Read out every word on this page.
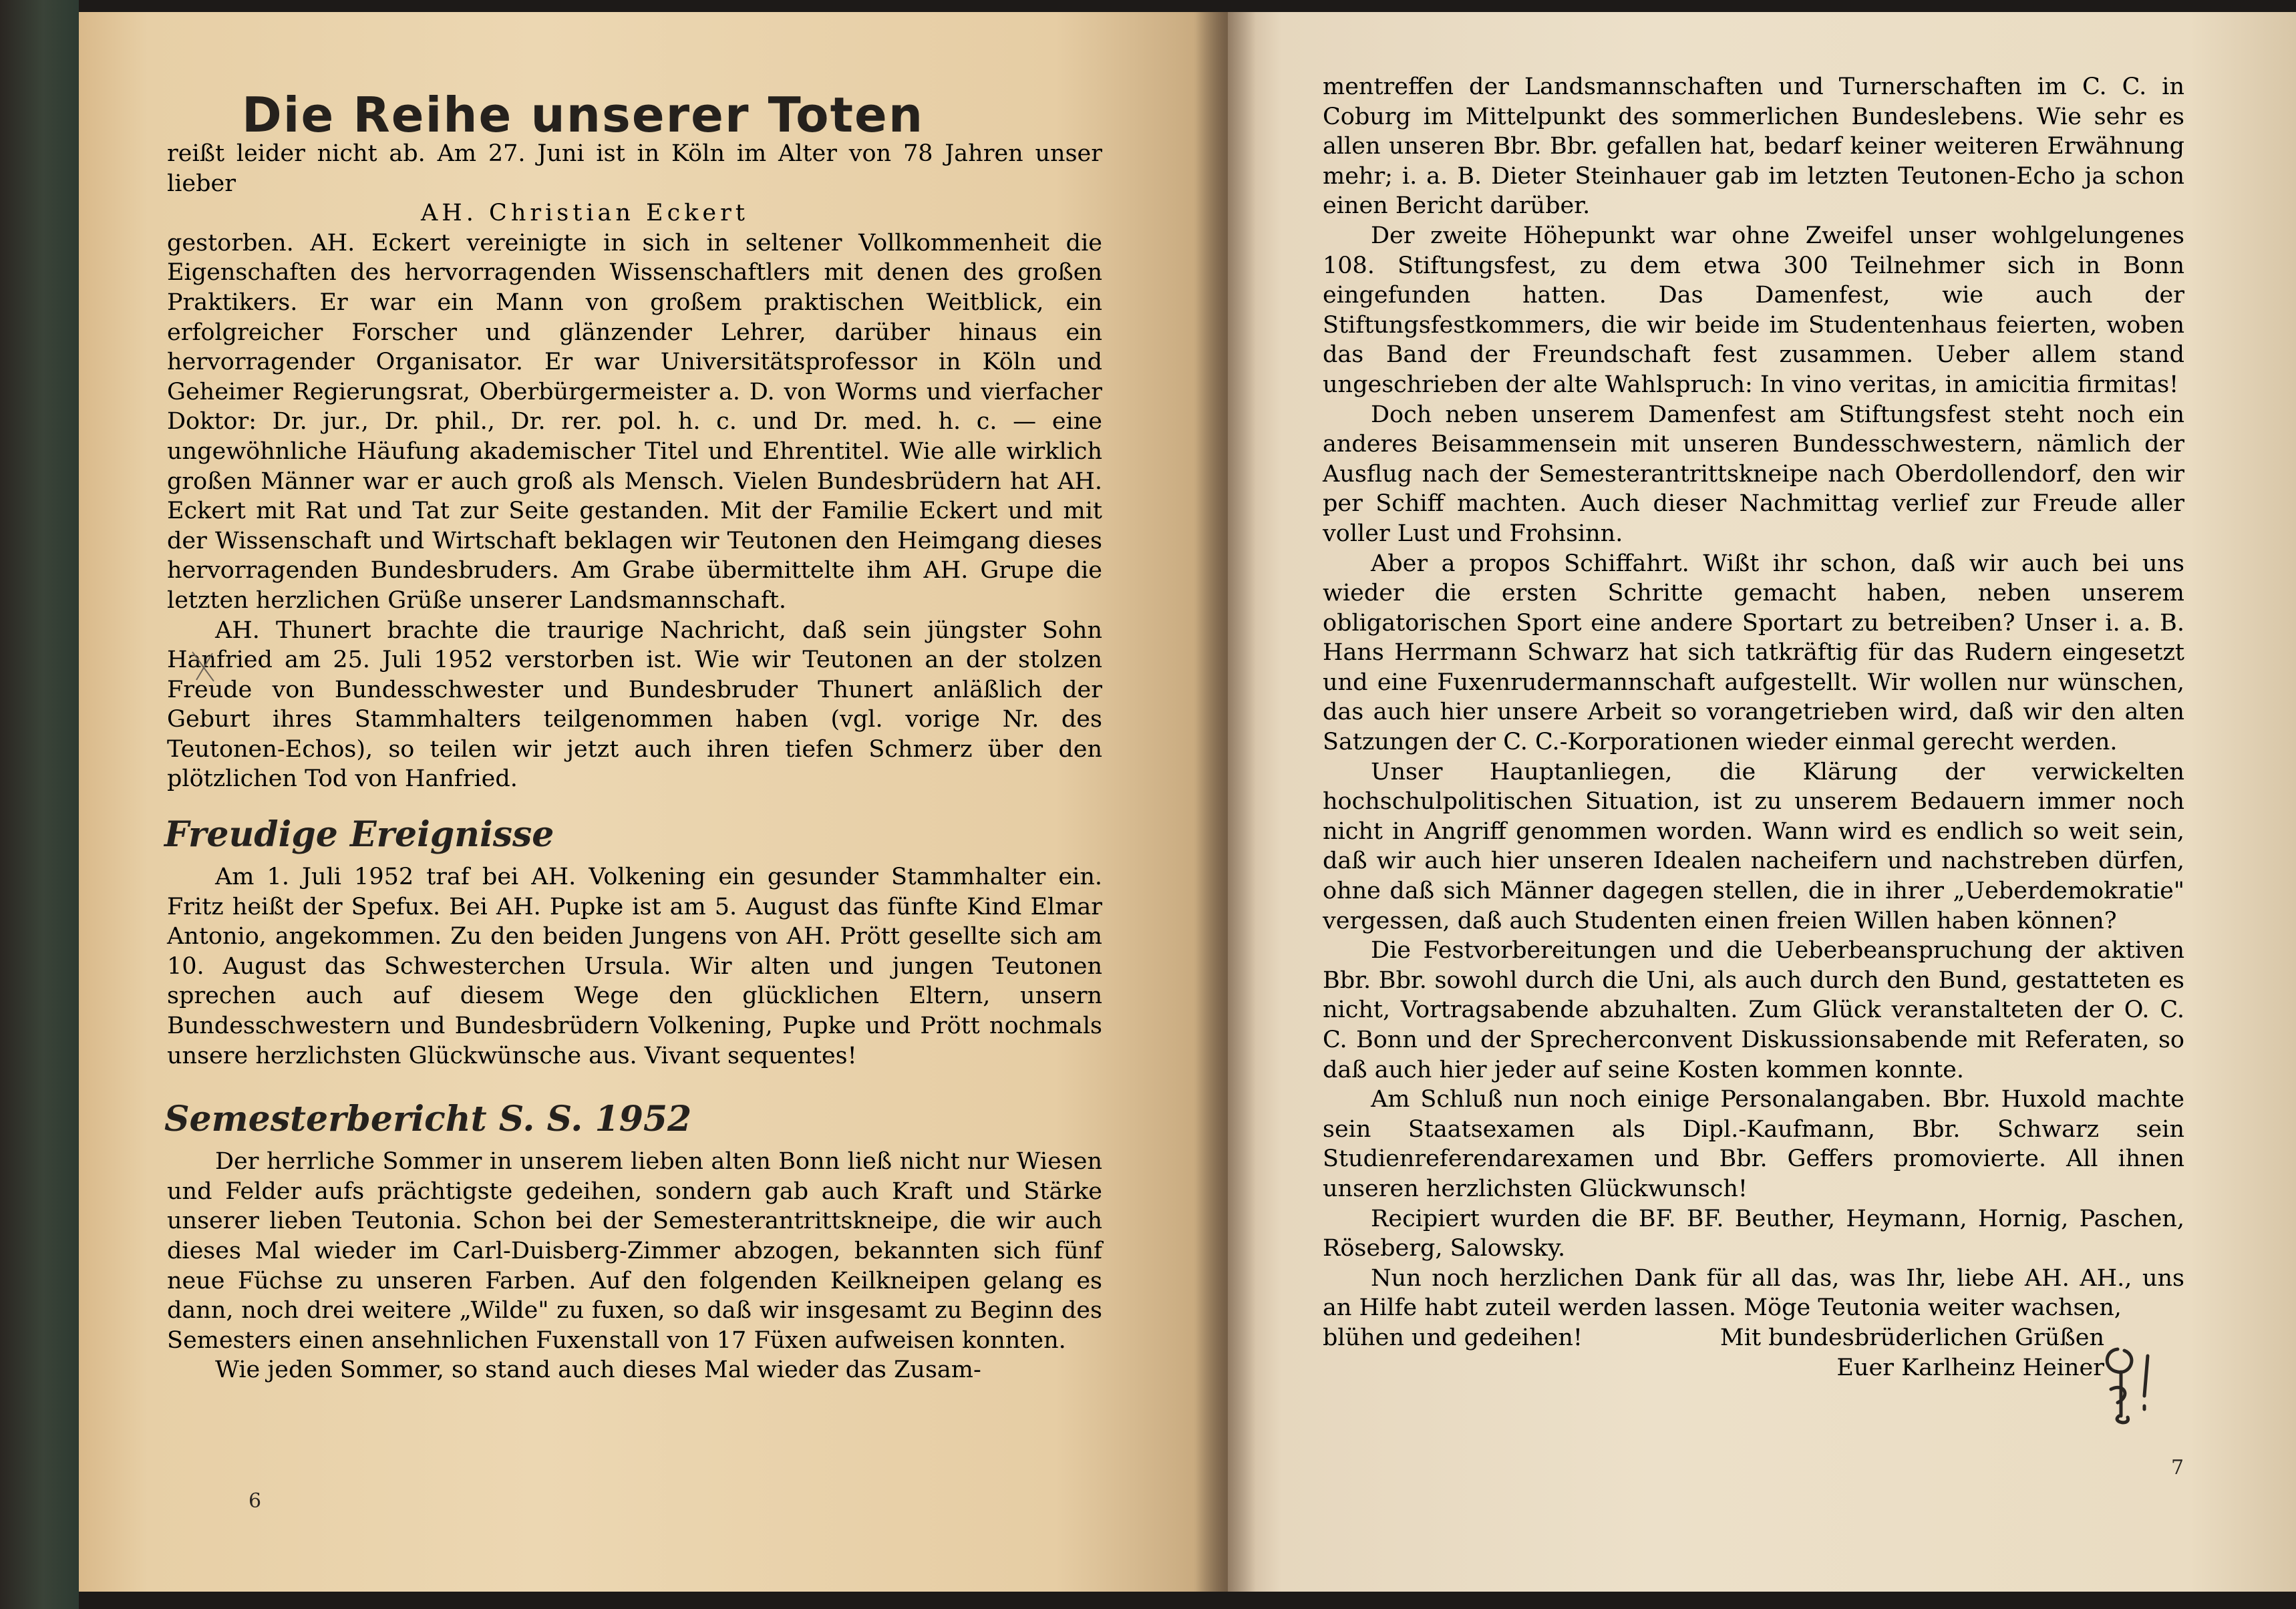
Die Reihe unserer Toten

reißt leider nicht ab. Am 27. Juni ist in Köln im Alter von 78 Jahren unser lieber

AH. Christian Eckert

gestorben. AH. Eckert vereinigte in sich in seltener Vollkommenheit die Eigenschaften des hervorragenden Wissenschaftlers mit denen des großen Praktikers. Er war ein Mann von großem praktischen Weitblick, ein erfolgreicher Forscher und glänzender Lehrer, darüber hinaus ein hervorragender Organisator. Er war Universitätsprofessor in Köln und Geheimer Regierungsrat, Oberbürgermeister a. D. von Worms und vierfacher Doktor: Dr. jur., Dr. phil., Dr. rer. pol. h. c. und Dr. med. h. c. — eine ungewöhnliche Häufung akademischer Titel und Ehrentitel. Wie alle wirklich großen Männer war er auch groß als Mensch. Vielen Bundesbrüdern hat AH. Eckert mit Rat und Tat zur Seite gestanden. Mit der Familie Eckert und mit der Wissenschaft und Wirtschaft beklagen wir Teutonen den Heimgang dieses hervorragenden Bundesbruders. Am Grabe übermittelte ihm AH. Grupe die letzten herzlichen Grüße unserer Landsmannschaft.

AH. Thunert brachte die traurige Nachricht, daß sein jüngster Sohn Hanfried am 25. Juli 1952 verstorben ist. Wie wir Teutonen an der stolzen Freude von Bundesschwester und Bundesbruder Thunert anläßlich der Geburt ihres Stammhalters teilgenommen haben (vgl. vorige Nr. des Teutonen-Echos), so teilen wir jetzt auch ihren tiefen Schmerz über den plötzlichen Tod von Hanfried.

Freudige Ereignisse

Am 1. Juli 1952 traf bei AH. Volkening ein gesunder Stammhalter ein. Fritz heißt der Spefux. Bei AH. Pupke ist am 5. August das fünfte Kind Elmar Antonio, angekommen. Zu den beiden Jungens von AH. Prött gesellte sich am 10. August das Schwesterchen Ursula. Wir alten und jungen Teutonen sprechen auch auf diesem Wege den glücklichen Eltern, unsern Bundesschwestern und Bundesbrüdern Volkening, Pupke und Prött nochmals unsere herzlichsten Glückwünsche aus. Vivant sequentes!

Semesterbericht S. S. 1952

Der herrliche Sommer in unserem lieben alten Bonn ließ nicht nur Wiesen und Felder aufs prächtigste gedeihen, sondern gab auch Kraft und Stärke unserer lieben Teutonia. Schon bei der Semesterantrittskneipe, die wir auch dieses Mal wieder im Carl-Duisberg-Zimmer abzogen, bekannten sich fünf neue Füchse zu unseren Farben. Auf den folgenden Keilkneipen gelang es dann, noch drei weitere „Wilde" zu fuxen, so daß wir insgesamt zu Beginn des Semesters einen ansehnlichen Fuxenstall von 17 Füxen aufweisen konnten.

Wie jeden Sommer, so stand auch dieses Mal wieder das Zusam-

6

mentreffen der Landsmannschaften und Turnerschaften im C. C. in Coburg im Mittelpunkt des sommerlichen Bundeslebens. Wie sehr es allen unseren Bbr. Bbr. gefallen hat, bedarf keiner weiteren Erwähnung mehr; i. a. B. Dieter Steinhauer gab im letzten Teutonen-Echo ja schon einen Bericht darüber.

Der zweite Höhepunkt war ohne Zweifel unser wohlgelungenes 108. Stiftungsfest, zu dem etwa 300 Teilnehmer sich in Bonn eingefunden hatten. Das Damenfest, wie auch der Stiftungsfestkommers, die wir beide im Studentenhaus feierten, woben das Band der Freundschaft fest zusammen. Ueber allem stand ungeschrieben der alte Wahlspruch: In vino veritas, in amicitia firmitas!

Doch neben unserem Damenfest am Stiftungsfest steht noch ein anderes Beisammensein mit unseren Bundesschwestern, nämlich der Ausflug nach der Semesterantrittskneipe nach Oberdollendorf, den wir per Schiff machten. Auch dieser Nachmittag verlief zur Freude aller voller Lust und Frohsinn.

Aber a propos Schiffahrt. Wißt ihr schon, daß wir auch bei uns wieder die ersten Schritte gemacht haben, neben unserem obligatorischen Sport eine andere Sportart zu betreiben? Unser i. a. B. Hans Herrmann Schwarz hat sich tatkräftig für das Rudern eingesetzt und eine Fuxenrudermannschaft aufgestellt. Wir wollen nur wünschen, das auch hier unsere Arbeit so vorangetrieben wird, daß wir den alten Satzungen der C. C.-Korporationen wieder einmal gerecht werden.

Unser Hauptanliegen, die Klärung der verwickelten hochschulpolitischen Situation, ist zu unserem Bedauern immer noch nicht in Angriff genommen worden. Wann wird es endlich so weit sein, daß wir auch hier unseren Idealen nacheifern und nachstreben dürfen, ohne daß sich Männer dagegen stellen, die in ihrer „Ueberdemokratie" vergessen, daß auch Studenten einen freien Willen haben können?

Die Festvorbereitungen und die Ueberbeanspruchung der aktiven Bbr. Bbr. sowohl durch die Uni, als auch durch den Bund, gestatteten es nicht, Vortragsabende abzuhalten. Zum Glück veranstalteten der O. C. C. Bonn und der Sprecherconvent Diskussionsabende mit Referaten, so daß auch hier jeder auf seine Kosten kommen konnte.

Am Schluß nun noch einige Personalangaben. Bbr. Huxold machte sein Staatsexamen als Dipl.-Kaufmann, Bbr. Schwarz sein Studienreferendarexamen und Bbr. Geffers promovierte. All ihnen unseren herzlichsten Glückwunsch!

Recipiert wurden die BF. BF. Beuther, Heymann, Hornig, Paschen, Röseberg, Salowsky.

Nun noch herzlichen Dank für all das, was Ihr, liebe AH. AH., uns an Hilfe habt zuteil werden lassen. Möge Teutonia weiter wachsen,

blühen und gedeihen!	Mit bundesbrüderlichen Grüßen

Euer Karlheinz Heiner

7
